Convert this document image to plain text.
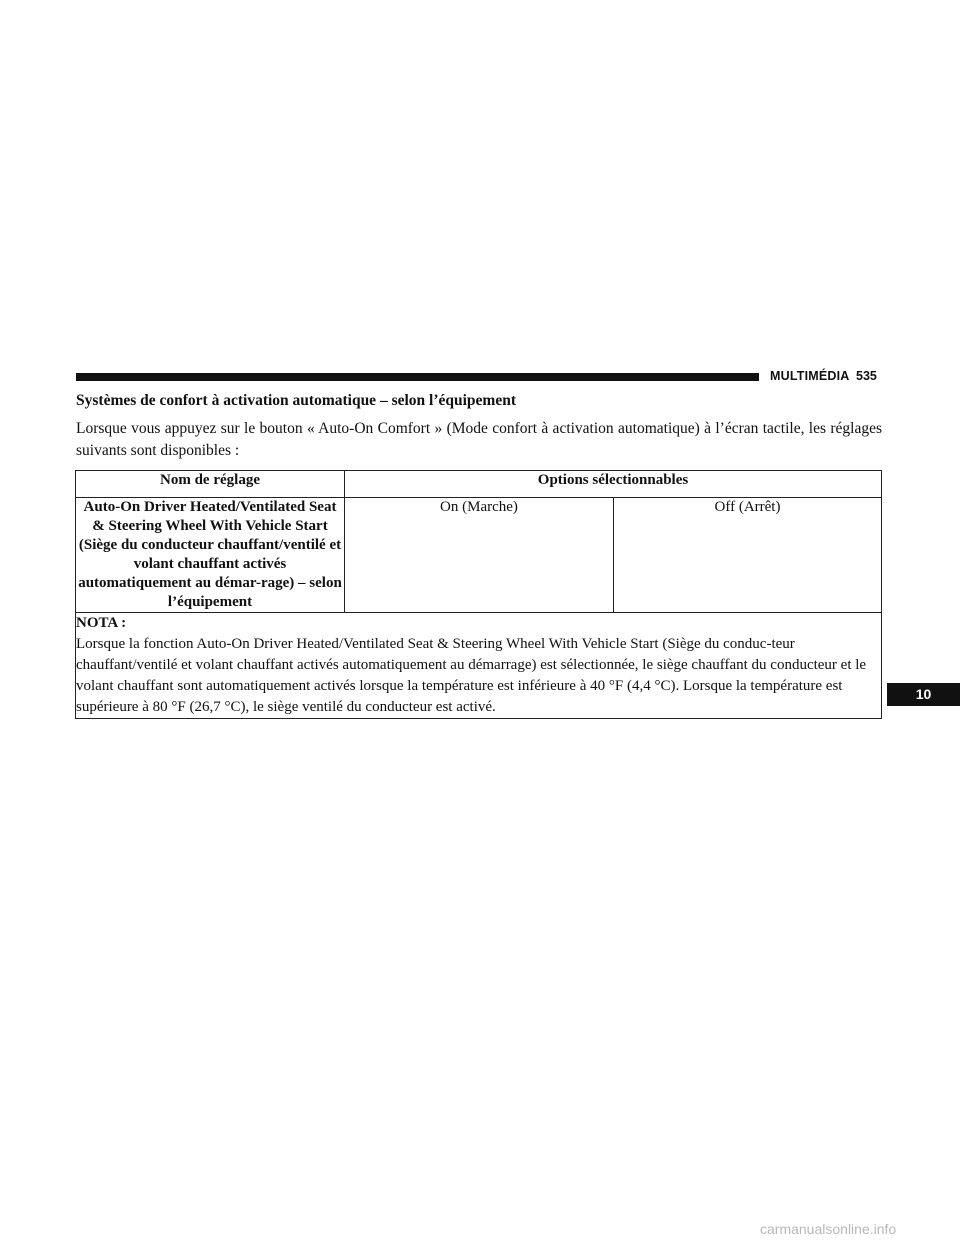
MULTIMÉDIA 535
Systèmes de confort à activation automatique – selon l’équipement
Lorsque vous appuyez sur le bouton « Auto-On Comfort » (Mode confort à activation automatique) à l’écran tactile, les réglages suivants sont disponibles :
Nom de réglage	Options sélectionnables	
Auto-On Driver Heated/Ventilated Seat & Steering Wheel With Vehicle Start (Siège du conducteur chauffant/ventilé et volant chauffant activés automatiquement au démar-rage) – selon l’équipement	On (Marche)	Off (Arrêt)

NOTA :
Lorsque la fonction Auto-On Driver Heated/Ventilated Seat & Steering Wheel With Vehicle Start (Siège du conduc-teur chauffant/ventilé et volant chauffant activés automatiquement au démarrage) est sélectionnée, le siège chauffant du conducteur et le volant chauffant sont automatiquement activés lorsque la température est inférieure à 40 °F (4,4 °C). Lorsque la température est supérieure à 80 °F (26,7 °C), le siège ventilé du conducteur est activé.		
10
carmanualsonline.info
